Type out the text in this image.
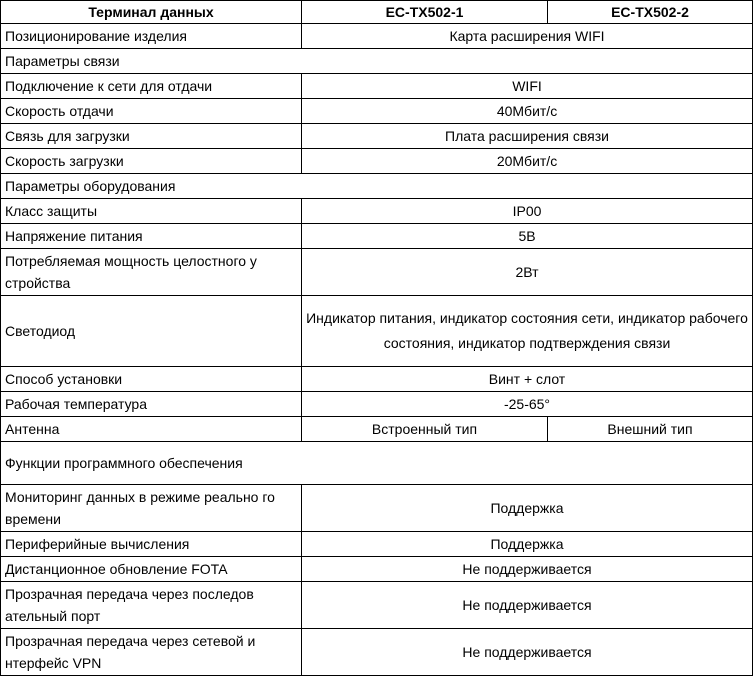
Терминал данных	EC-TX502-1	EC-TX502-2
Позиционирование изделия	Карта расширения WIFI	
Параметры связи		
Подключение к сети для отдачи	WIFI	
Скорость отдачи	40Мбит/с	
Связь для загрузки	Плата расширения связи	
Скорость загрузки	20Мбит/с	
Параметры оборудования		
Класс защиты	IP00	
Напряжение питания	5В	
Потребляемая мощность целостного у стройства	2Вт	
Светодиод	Индикатор питания, индикатор состояния сети, индикатор рабочего состояния, индикатор подтверждения связи	
Способ установки	Винт + слот	
Рабочая температура	-25-65°	
Антенна	Встроенный тип	Внешний тип
Функции программного обеспечения		
Мониторинг данных в режиме реально го времени	Поддержка	
Периферийные вычисления	Поддержка	
Дистанционное обновление FOTA	Не поддерживается	
Прозрачная передача через последов ательный порт	Не поддерживается	
Прозрачная передача через сетевой и нтерфейс VPN	Не поддерживается	
